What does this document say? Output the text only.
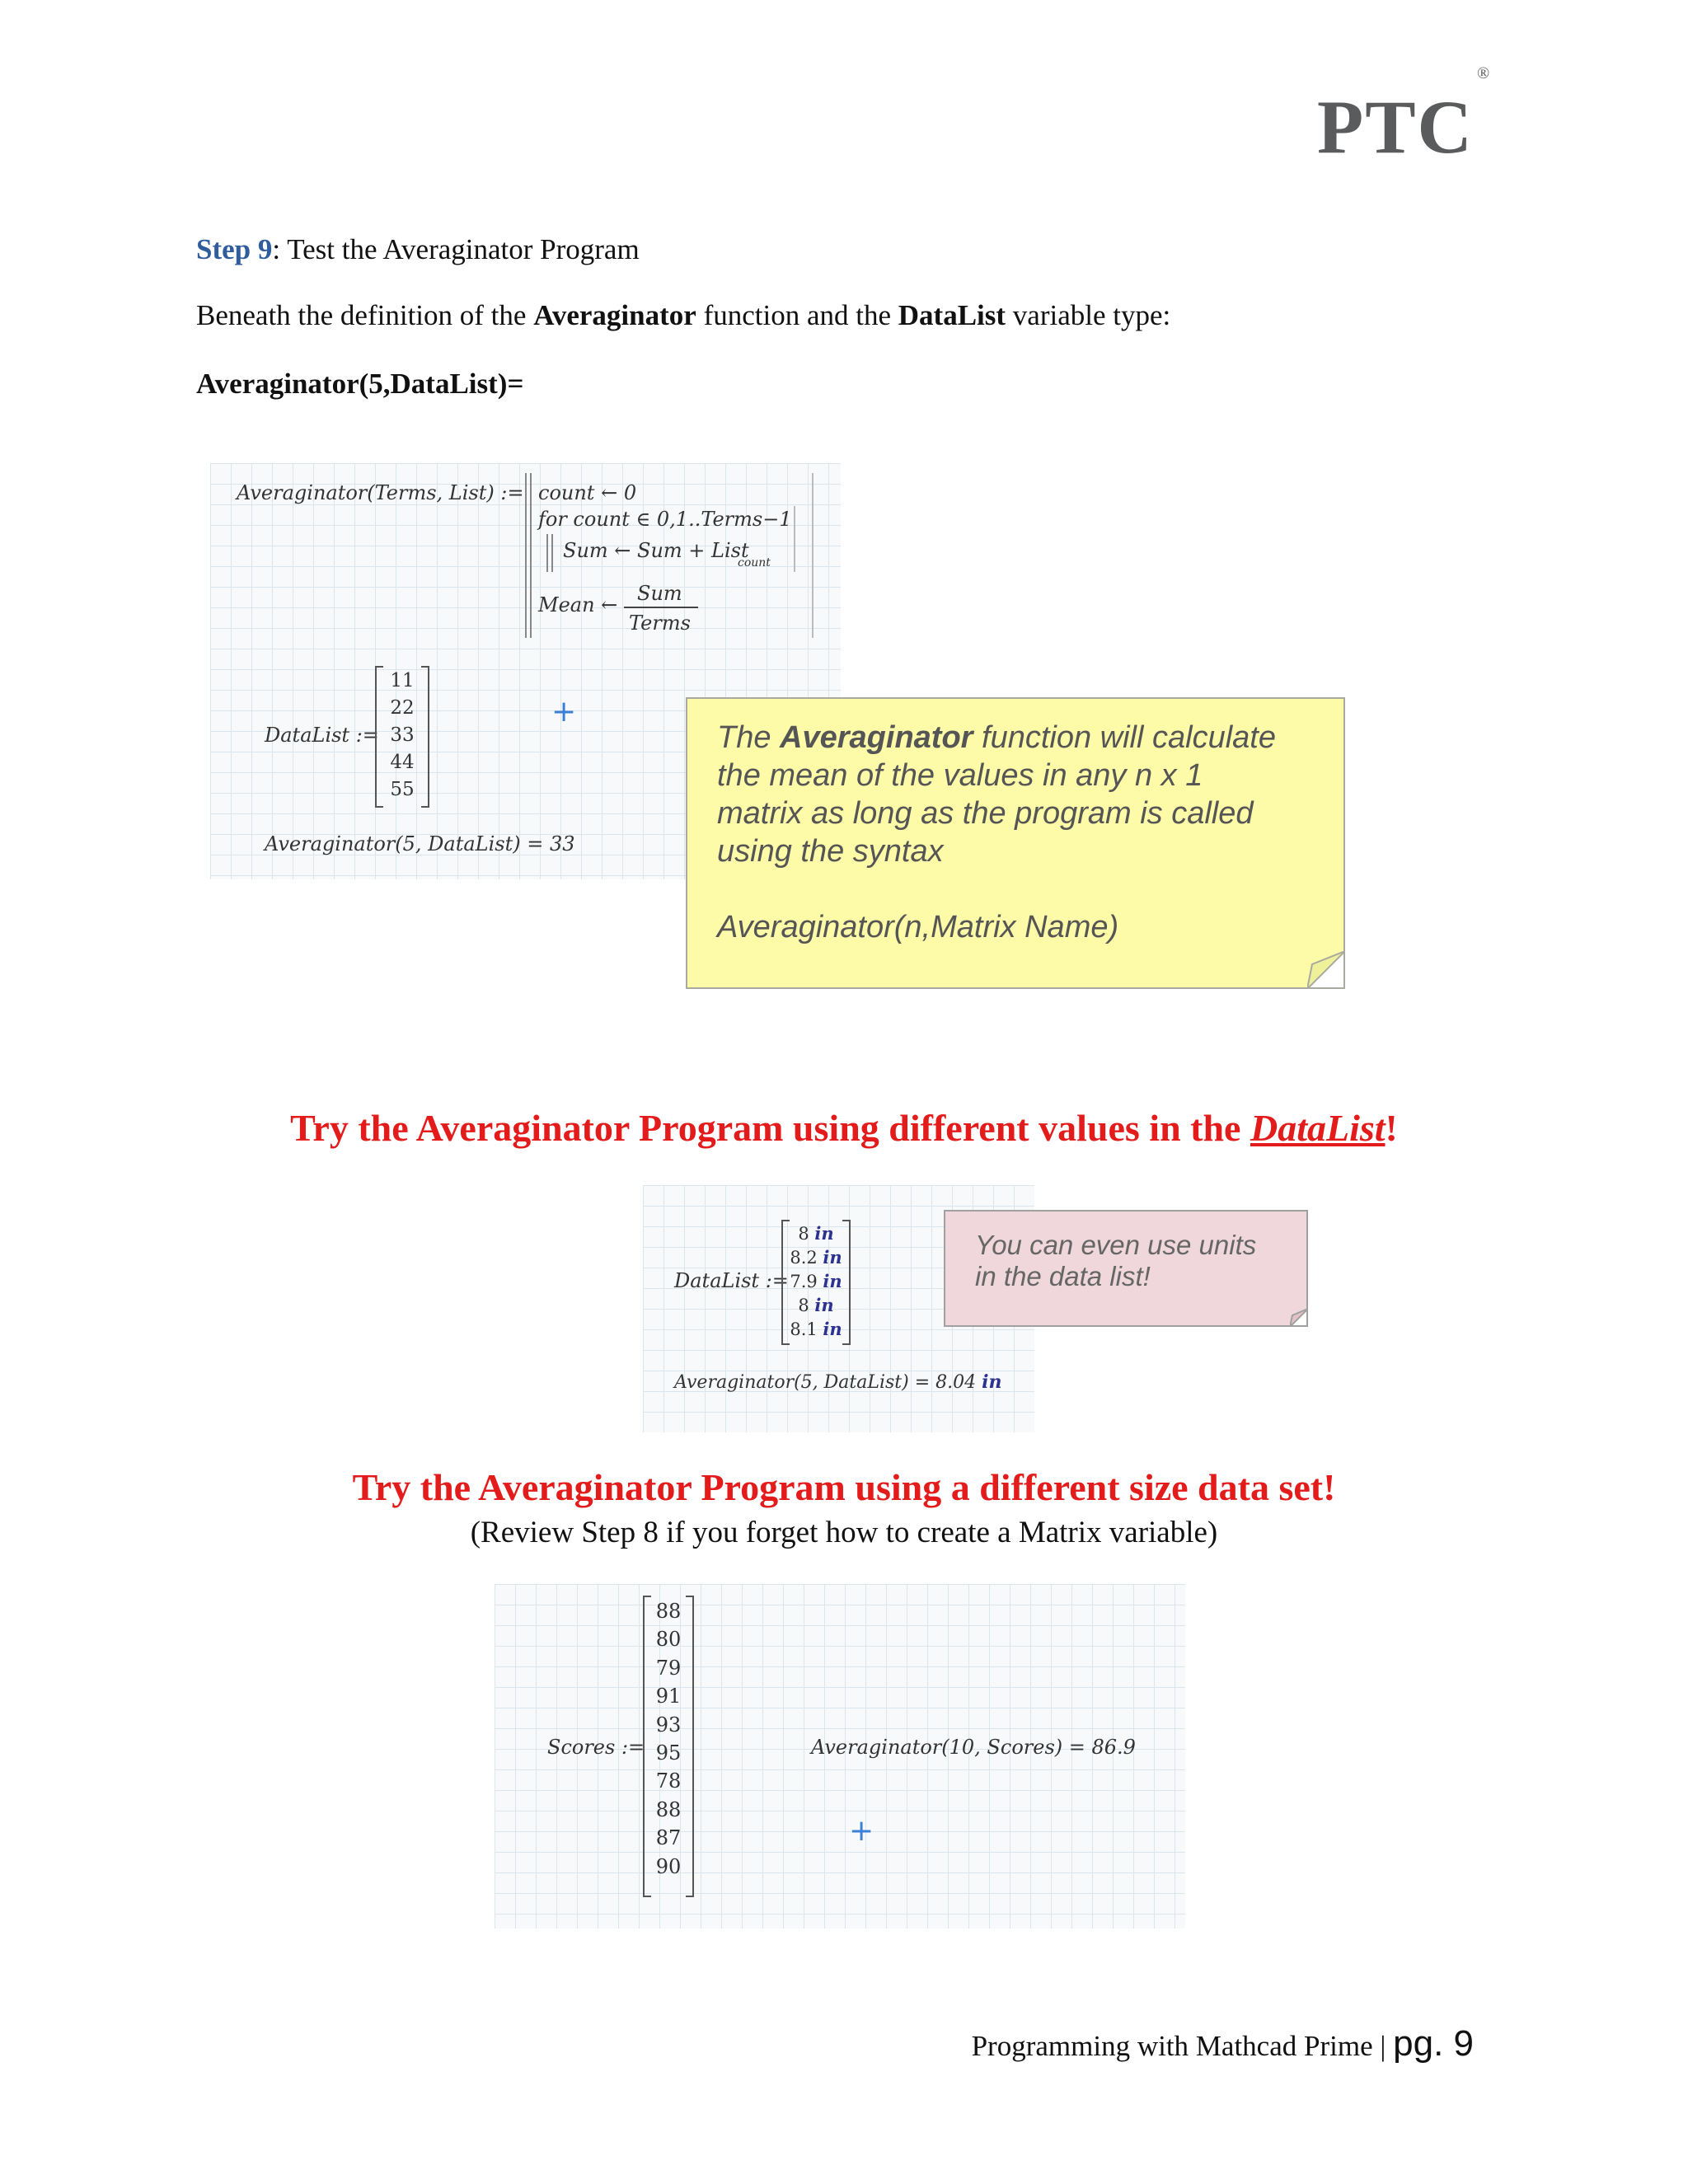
PTC®
Step 9: Test the Averaginator Program
Beneath the definition of the Averaginator function and the DataList variable type:
Averaginator(5,DataList)=
Averaginator(Terms, List) := count ← 0
for count ∈ 0,1..Terms−1
Sum ← Sum + List
count
Mean ← Sum
Terms
DataList :=
11
22
33
44
55
+
Averaginator(5, DataList) = 33
The Averaginator function will calculate
the mean of the values in any n x 1
matrix as long as the program is called
using the syntax
Averaginator(n,Matrix Name)
Try the Averaginator Program using different values in the DataList!
DataList :=
8 in
8.2 in
7.9 in
8 in
8.1 in
Averaginator(5, DataList) = 8.04 in
You can even use units
in the data list!
Try the Averaginator Program using a different size data set!
(Review Step 8 if you forget how to create a Matrix variable)
Scores :=
88
80
79
91
93
95
78
88
87
90
Averaginator(10, Scores) = 86.9
+
Programming with Mathcad Prime | pg. 9
